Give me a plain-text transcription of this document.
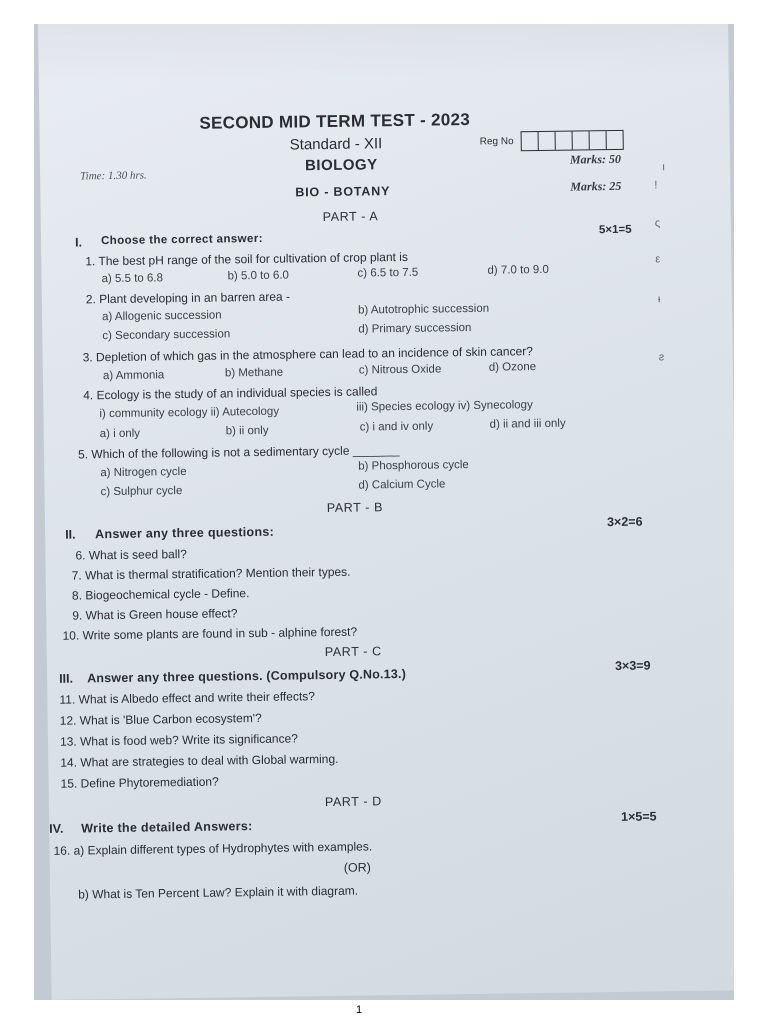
SECOND MID TERM TEST - 2023
Standard - XII	Reg No
BIOLOGY
Time: 1.30 hrs.
Marks: 50
BIO - BOTANY	Marks: 25
PART - A
I. Choose the correct answer:
5×1=5
1. The best pH range of the soil for cultivation of crop plant is
a) 5.5 to 6.8	b) 5.0 to 6.0	c) 6.5 to 7.5	d) 7.0 to 9.0
2. Plant developing in an barren area -
a) Allogenic succession	b) Autotrophic succession
c) Secondary succession	d) Primary succession
3. Depletion of which gas in the atmosphere can lead to an incidence of skin cancer?
a) Ammonia	b) Methane	c) Nitrous Oxide	d) Ozone
4. Ecology is the study of an individual species is called
i) community ecology ii) Autecology	iii) Species ecology iv) Synecology
a) i only	b) ii only	c) i and iv only	d) ii and iii only
5. Which of the following is not a sedimentary cycle _______
a) Nitrogen cycle
b) Phosphorous cycle
c) Sulphur cycle
d) Calcium Cycle
PART - B
II. Answer any three questions:
3×2=6
6. What is seed ball?
7. What is thermal stratification? Mention their types.
8. Biogeochemical cycle - Define.
9. What is Green house effect?
10. Write some plants are found in sub - alphine forest?
PART - C
III. Answer any three questions. (Compulsory Q.No.13.)
3×3=9
11. What is Albedo effect and write their effects?
12. What is 'Blue Carbon ecosystem'?
13. What is food web? Write its significance?
14. What are strategies to deal with Global warming.
15. Define Phytoremediation?
PART - D
IV. Write the detailed Answers:
1×5=5
16. a) Explain different types of Hydrophytes with examples.
(OR)
b) What is Ten Percent Law? Explain it with diagram.
ı
!
ς
ε
ᵻ
ƨ
1
